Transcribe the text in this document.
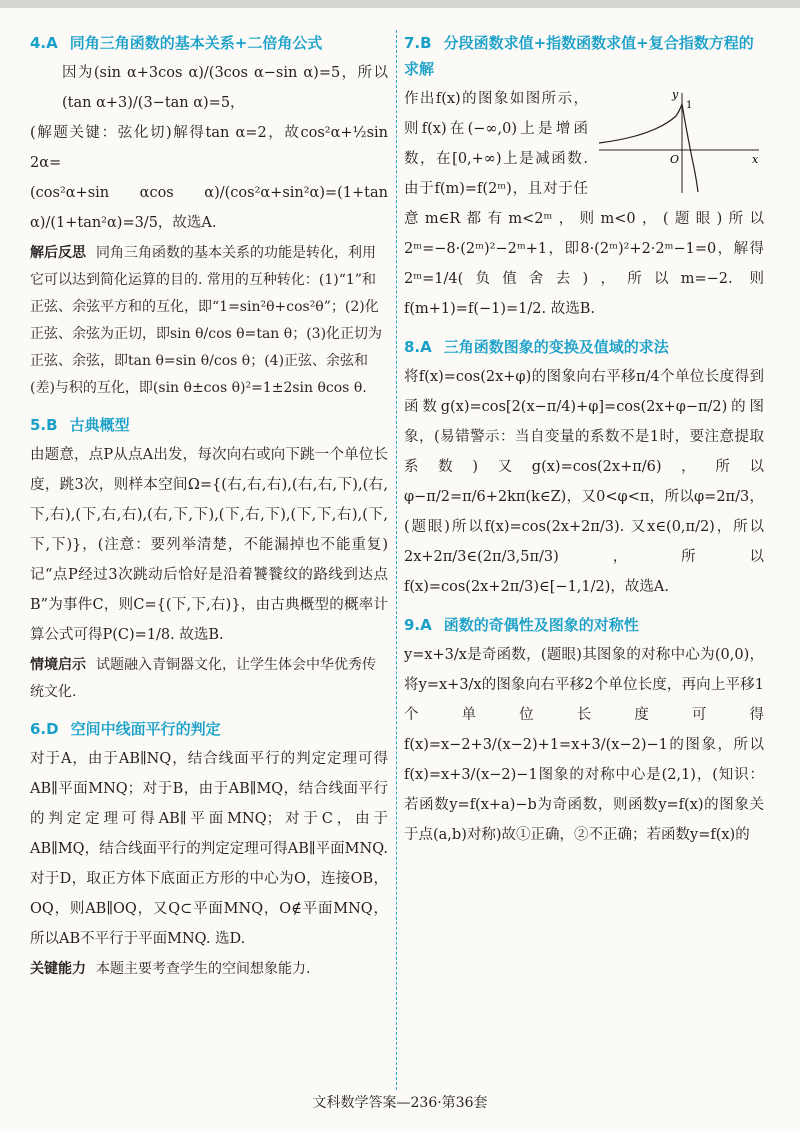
4.A 同角三角函数的基本关系+二倍角公式

因为(sin α+3cos α)/(3cos α−sin α)=5，所以(tan α+3)/(3−tan α)=5，

(解题关键：弦化切)解得tan α=2，故cos²α+½sin 2α=

(cos²α+sin αcos α)/(cos²α+sin²α)=(1+tan α)/(1+tan²α)=3/5，故选A.

解后反思 同角三角函数的基本关系的功能是转化，利用它可以达到简化运算的目的. 常用的互种转化：(1)“1”和正弦、余弦平方和的互化，即“1=sin²θ+cos²θ”；(2)化正弦、余弦为正切，即sin θ/cos θ=tan θ；(3)化正切为正弦、余弦，即tan θ=sin θ/cos θ；(4)正弦、余弦和(差)与积的互化，即(sin θ±cos θ)²=1±2sin θcos θ.

5.B 古典概型

由题意，点P从点A出发，每次向右或向下跳一个单位长度，跳3次，则样本空间Ω={(右,右,右),(右,右,下),(右,下,右),(下,右,右),(右,下,下),(下,右,下),(下,下,右),(下,下,下)}，(注意：要列举清楚，不能漏掉也不能重复)记“点P经过3次跳动后恰好是沿着饕餮纹的路线到达点B”为事件C，则C={(下,下,右)}，由古典概型的概率计算公式可得P(C)=1/8. 故选B.

情境启示 试题融入青铜器文化，让学生体会中华优秀传统文化.

6.D 空间中线面平行的判定

对于A，由于AB∥NQ，结合线面平行的判定定理可得AB∥平面MNQ；对于B，由于AB∥MQ，结合线面平行的判定定理可得AB∥平面MNQ；对于C，由于AB∥MQ，结合线面平行的判定定理可得AB∥平面MNQ. 对于D，取正方体下底面正方形的中心为O，连接OB，OQ，则AB∥OQ，又Q⊂平面MNQ，O∉平面MNQ，所以AB不平行于平面MNQ. 选D.

关键能力 本题主要考查学生的空间想象能力.

7.B 分段函数求值+指数函数求值+复合指数方程的求解
y
1
O	x

作出f(x)的图象如图所示，则f(x)在(−∞,0)上是增函数，在[0,+∞)上是减函数. 由于f(m)=f(2ᵐ)，且对于任意m∈R都有m<2ᵐ，则m<0，(题眼)所以2ᵐ=−8·(2ᵐ)²−2ᵐ+1，即8·(2ᵐ)²+2·2ᵐ−1=0，解得2ᵐ=1/4(负值舍去)，所以m=−2. 则f(m+1)=f(−1)=1/2. 故选B.

8.A 三角函数图象的变换及值域的求法

将f(x)=cos(2x+φ)的图象向右平移π/4个单位长度得到函数g(x)=cos[2(x−π/4)+φ]=cos(2x+φ−π/2)的图象，(易错警示：当自变量的系数不是1时，要注意提取系数)又g(x)=cos(2x+π/6)，所以φ−π/2=π/6+2kπ(k∈Z)，又0<φ<π，所以φ=2π/3，(题眼)所以f(x)=cos(2x+2π/3). 又x∈(0,π/2)，所以2x+2π/3∈(2π/3,5π/3)，所以f(x)=cos(2x+2π/3)∈[−1,1/2)，故选A.

9.A 函数的奇偶性及图象的对称性

y=x+3/x是奇函数，(题眼)其图象的对称中心为(0,0)，将y=x+3/x的图象向右平移2个单位长度，再向上平移1个单位长度可得f(x)=x−2+3/(x−2)+1=x+3/(x−2)−1的图象，所以f(x)=x+3/(x−2)−1图象的对称中心是(2,1)，(知识：若函数y=f(x+a)−b为奇函数，则函数y=f(x)的图象关于点(a,b)对称)故①正确，②不正确；若函数y=f(x)的

文科数学答案—236·第36套
